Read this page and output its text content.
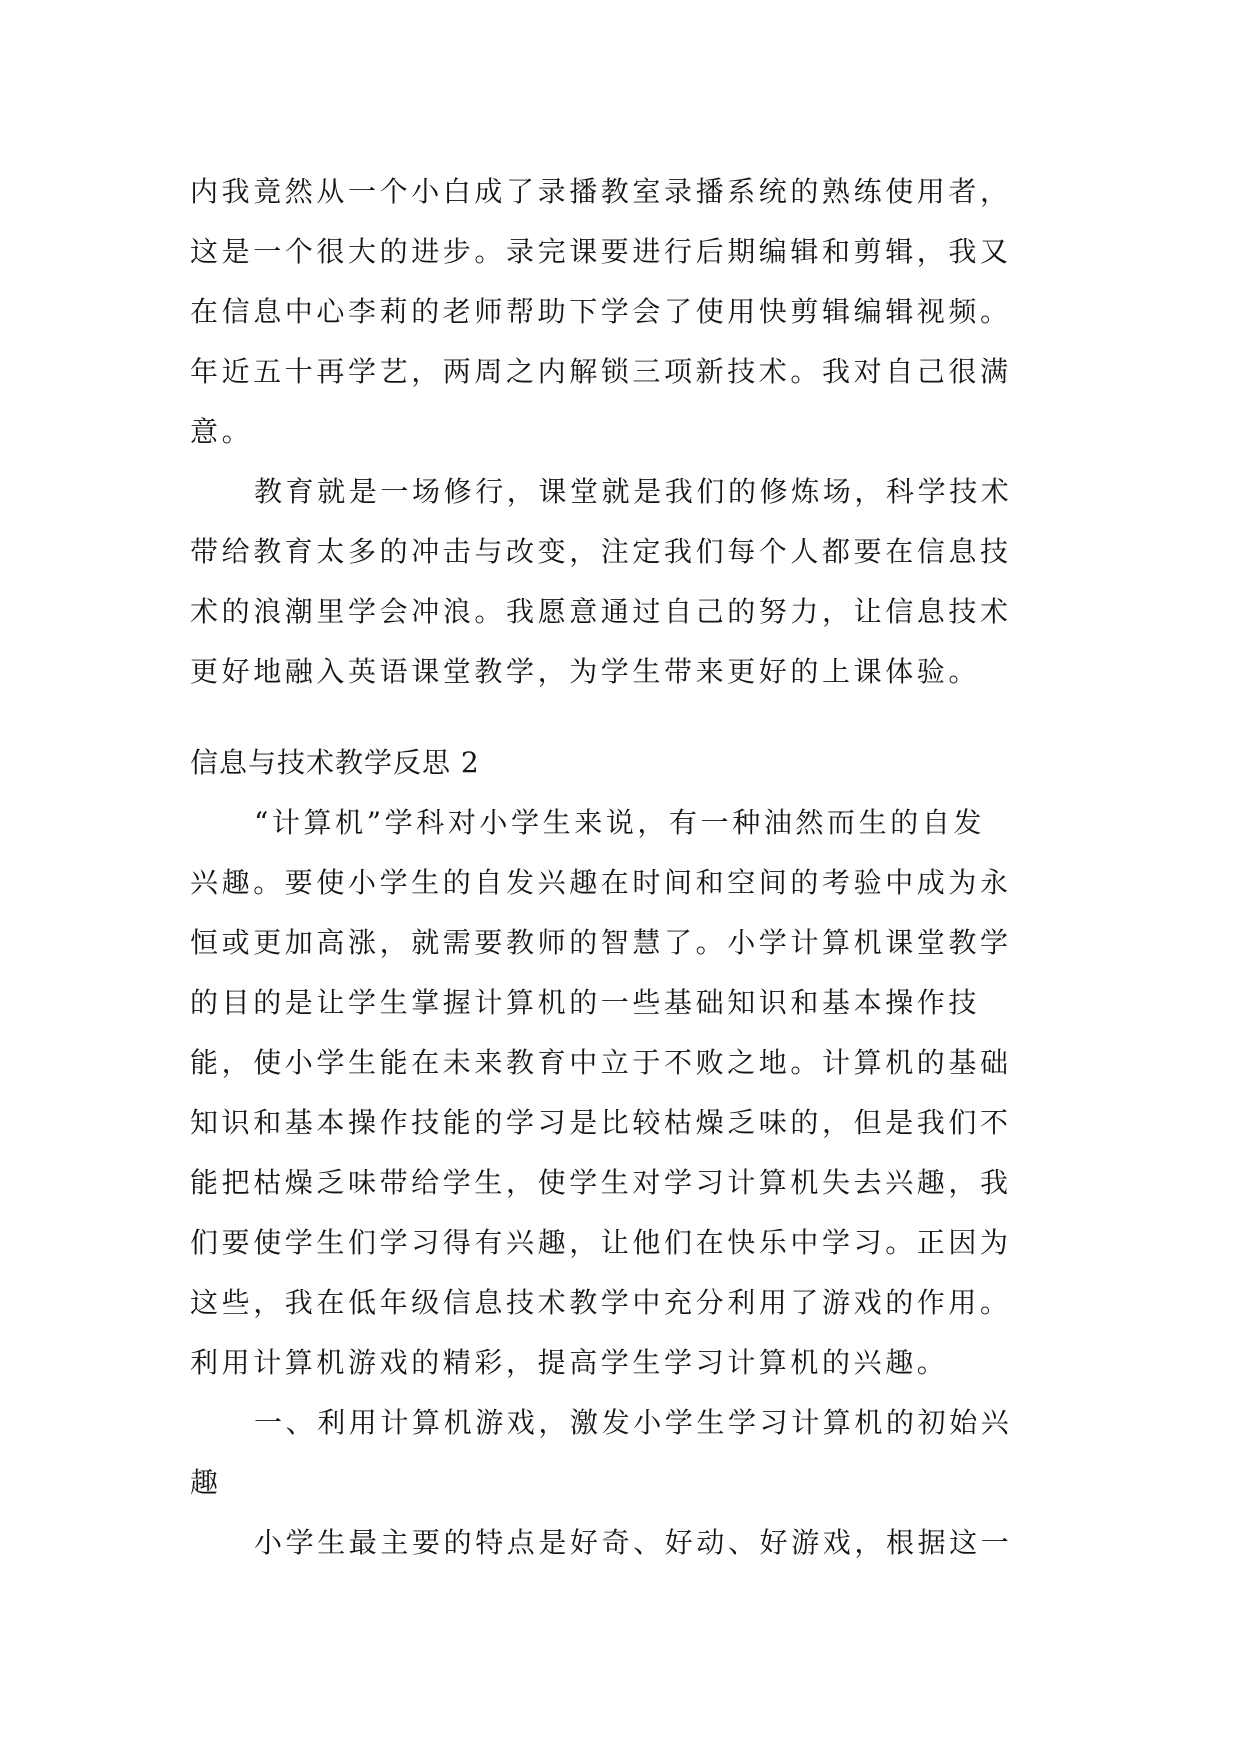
内我竟然从一个小白成了录播教室录播系统的熟练使用者，
这是一个很大的进步。录完课要进行后期编辑和剪辑，我又
在信息中心李莉的老师帮助下学会了使用快剪辑编辑视频。
年近五十再学艺，两周之内解锁三项新技术。我对自己很满
意。
教育就是一场修行，课堂就是我们的修炼场，科学技术
带给教育太多的冲击与改变，注定我们每个人都要在信息技
术的浪潮里学会冲浪。我愿意通过自己的努力，让信息技术
更好地融入英语课堂教学，为学生带来更好的上课体验。
信息与技术教学反思 2
“计算机”学科对小学生来说，有一种油然而生的自发
兴趣。要使小学生的自发兴趣在时间和空间的考验中成为永
恒或更加高涨，就需要教师的智慧了。小学计算机课堂教学
的目的是让学生掌握计算机的一些基础知识和基本操作技
能，使小学生能在未来教育中立于不败之地。计算机的基础
知识和基本操作技能的学习是比较枯燥乏味的，但是我们不
能把枯燥乏味带给学生，使学生对学习计算机失去兴趣，我
们要使学生们学习得有兴趣，让他们在快乐中学习。正因为
这些，我在低年级信息技术教学中充分利用了游戏的作用。
利用计算机游戏的精彩，提高学生学习计算机的兴趣。
一、利用计算机游戏，激发小学生学习计算机的初始兴
趣
小学生最主要的特点是好奇、好动、好游戏，根据这一
